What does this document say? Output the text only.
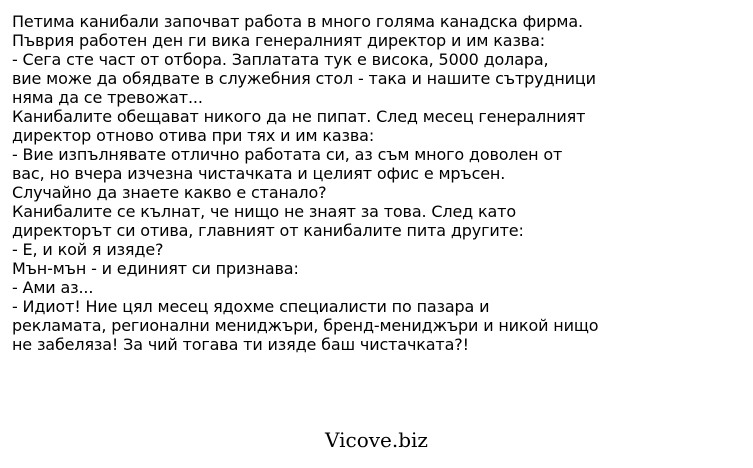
Петима канибали започват работа в много голяма канадска фирма.
Пъврия работен ден ги вика генералният директор и им казва:
- Сега сте част от отбора. Заплатата тук е висока, 5000 долара,
вие може да обядвате в служебния стол - така и нашите сътрудници
няма да се тревожат...
Канибалите обещават никого да не пипат. След месец генералният
директор отново отива при тях и им казва:
- Вие изпълнявате отлично работата си, аз съм много доволен от
вас, но вчера изчезна чистачката и целият офис е мръсен.
Случайно да знаете какво е станало?
Канибалите се кълнат, че нищо не знаят за това. След като
директорът си отива, главният от канибалите пита другите:
- Е, и кой я изяде?
Мън-мън - и единият си признава:
- Ами аз...
- Идиот! Ние цял месец ядохме специалисти по пазара и
рекламата, регионални мениджъри, бренд-мениджъри и никой нищо
не забеляза! За чий тогава ти изяде баш чистачката?!
Vicove.biz
